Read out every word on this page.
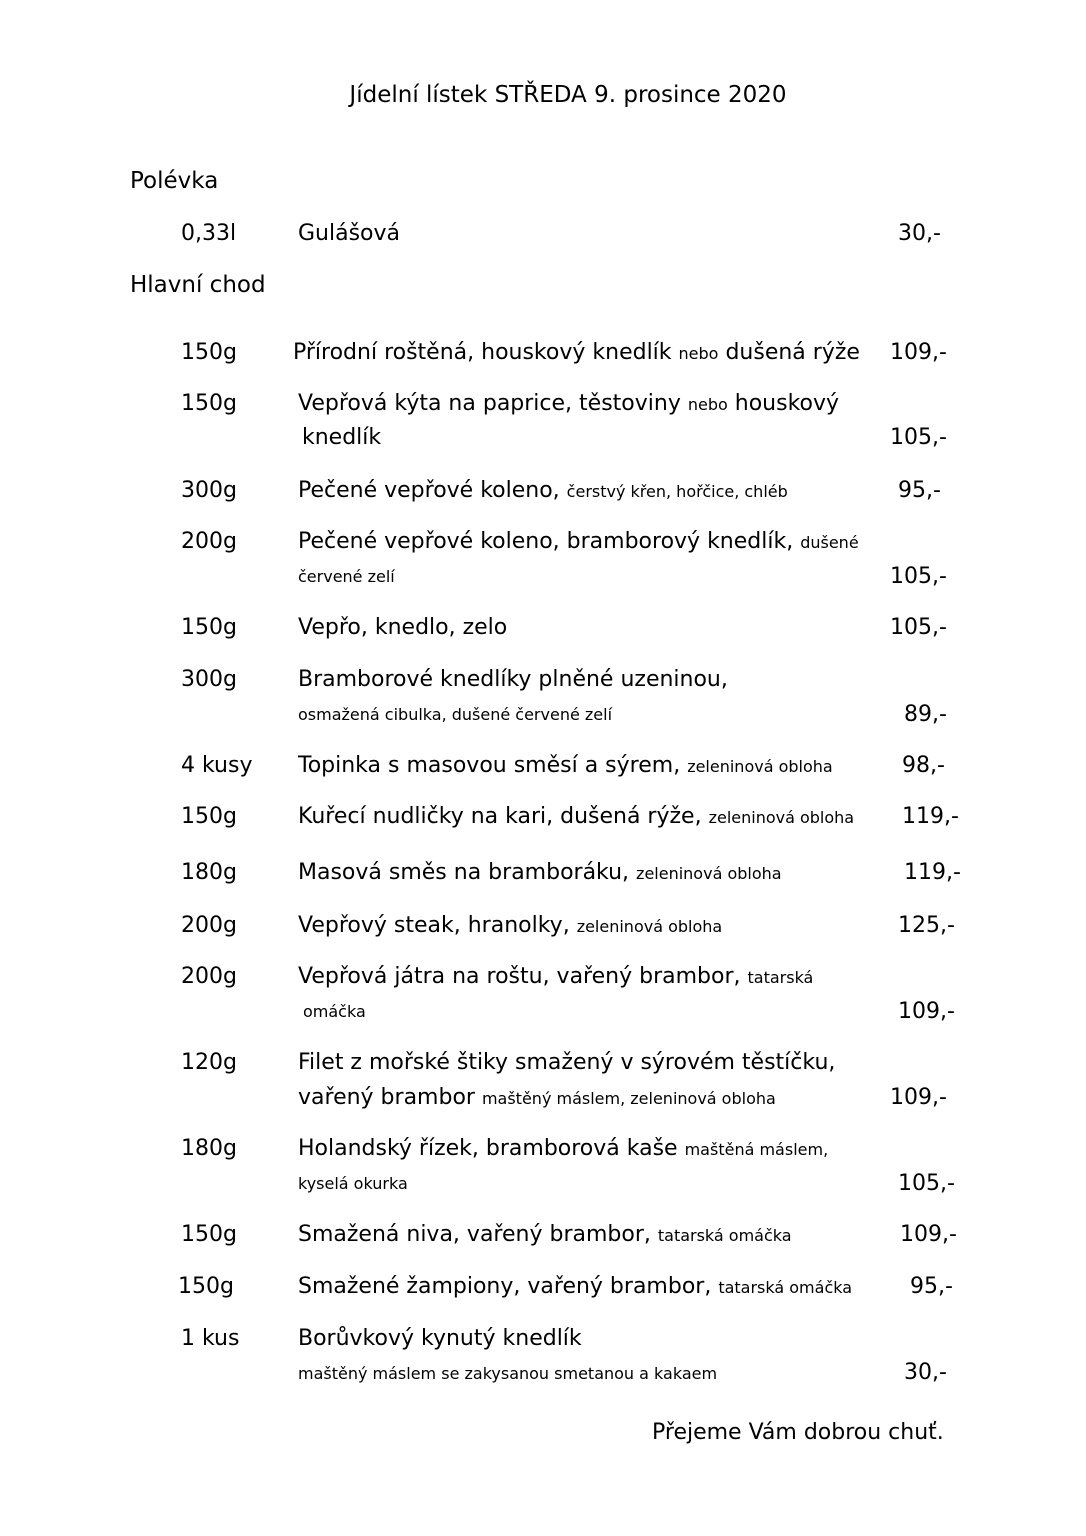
Jídelní lístek STŘEDA 9. prosince 2020
Polévka
0,33l	Gulášová	30,-
Hlavní chod
150g	Přírodní roštěná, houskový knedlík nebo dušená rýže 109,-
150g	Vepřová kýta na paprice, těstoviny nebo houskový
knedlík	105,-
300g	Pečené vepřové koleno, čerstvý křen, hořčice, chléb	95,-
200g	Pečené vepřové koleno, bramborový knedlík, dušené
červené zelí	105,-
150g	Vepřo, knedlo, zelo	105,-
300g	Bramborové knedlíky plněné uzeninou,
osmažená cibulka, dušené červené zelí	89,-
4 kusy Topinka s masovou směsí a sýrem, zeleninová obloha	98,-
150g	Kuřecí nudličky na kari, dušená rýže, zeleninová obloha 119,-
180g	Masová směs na bramboráku, zeleninová obloha	119,-
200g	Vepřový steak, hranolky, zeleninová obloha	125,-
200g	Vepřová játra na roštu, vařený brambor, tatarská
omáčka	109,-
120g	Filet z mořské štiky smažený v sýrovém těstíčku,
vařený brambor maštěný máslem, zeleninová obloha	109,-
180g	Holandský řízek, bramborová kaše maštěná máslem,
kyselá okurka	105,-
150g	Smažená niva, vařený brambor, tatarská omáčka	109,-
150g	Smažené žampiony, vařený brambor, tatarská omáčka	95,-
1 kus	Borůvkový kynutý knedlík
maštěný máslem se zakysanou smetanou a kakaem	30,-
Přejeme Vám dobrou chuť.
